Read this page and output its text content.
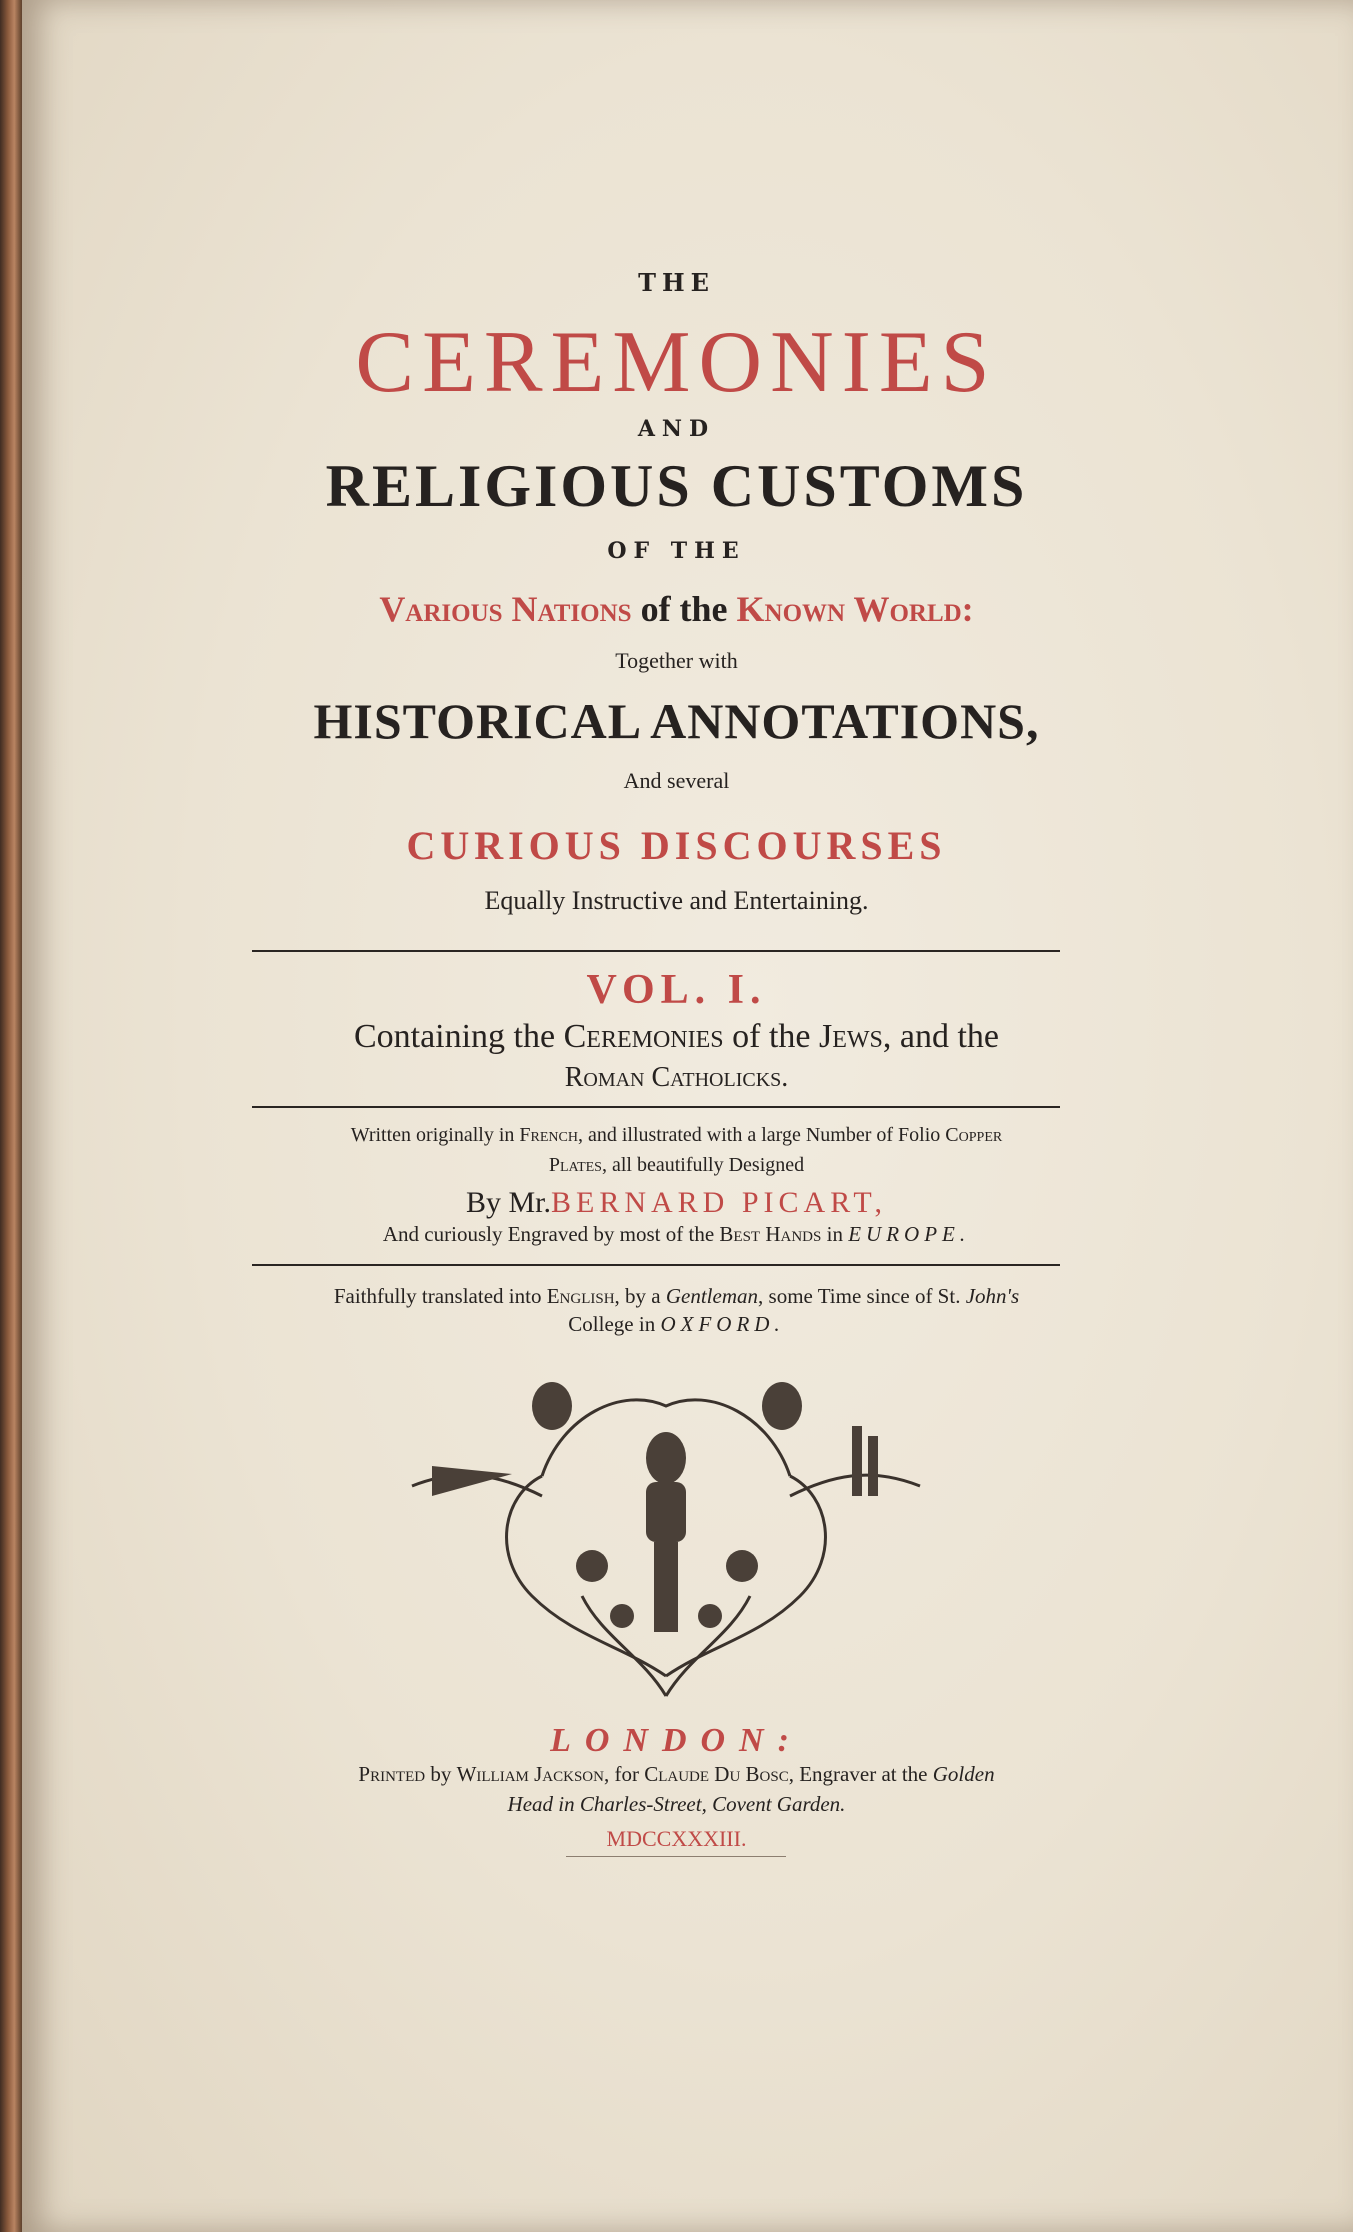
THE
CEREMONIES
AND
RELIGIOUS CUSTOMS
OF THE
Various Nations of the Known World:
Together with
HISTORICAL ANNOTATIONS,
And several
CURIOUS DISCOURSES
Equally Instructive and Entertaining.
VOL. I.
Containing the Ceremonies of the Jews, and the
Roman Catholicks.
Written originally in French, and illustrated with a large Number of Folio Copper
Plates, all beautifully Designed
By Mr.BERNARD PICART,
And curiously Engraved by most of the Best Hands in EUROPE.
Faithfully translated into English, by a Gentleman, some Time since of St. John's
College in OXFORD.
LONDON:
Printed by William Jackson, for Claude Du Bosc, Engraver at the Golden
Head in Charles-Street, Covent Garden.
MDCCXXXIII.
